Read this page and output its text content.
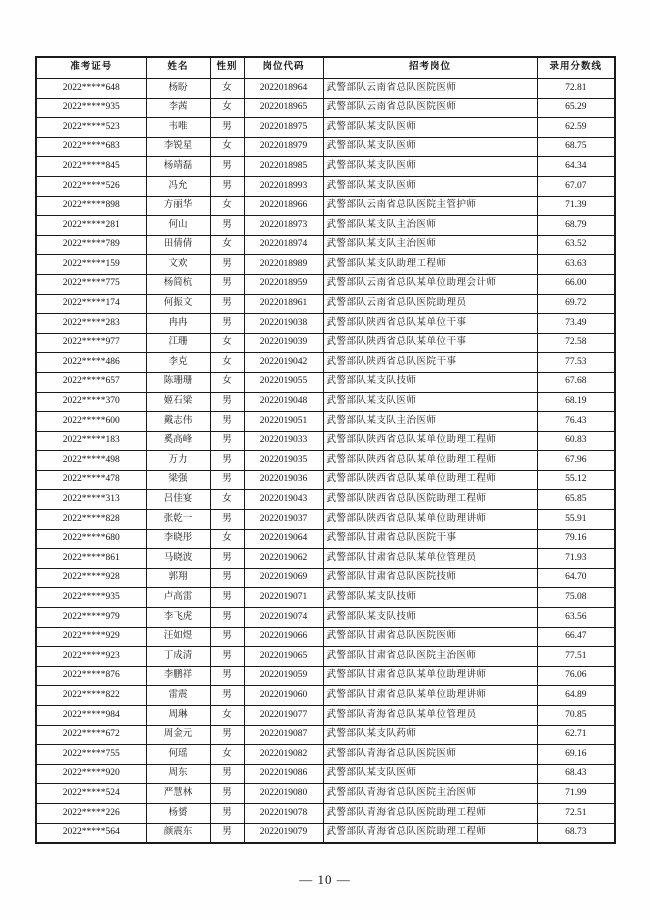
准考证号	姓名	性别	岗位代码	招考岗位	录用分数线
2022*****648	杨盼	女	2022018964	武警部队云南省总队医院医师	72.81
2022*****935	李茜	女	2022018965	武警部队云南省总队医院医师	65.29
2022*****523	韦唯	男	2022018975	武警部队某支队医师	62.59
2022*****683	李锐星	女	2022018979	武警部队某支队医师	68.75
2022*****845	杨靖磊	男	2022018985	武警部队某支队医师	64.34
2022*****526	冯允	男	2022018993	武警部队某支队医师	67.07
2022*****898	方丽华	女	2022018966	武警部队云南省总队医院主管护师	71.39
2022*****281	何山	男	2022018973	武警部队某支队主治医师	68.79
2022*****789	田倩倩	女	2022018974	武警部队某支队主治医师	63.52
2022*****159	文欢	男	2022018989	武警部队某支队助理工程师	63.63
2022*****775	杨简杭	男	2022018959	武警部队云南省总队某单位助理会计师	66.00
2022*****174	何振文	男	2022018961	武警部队云南省总队医院助理员	69.72
2022*****283	冉冉	男	2022019038	武警部队陕西省总队某单位干事	73.49
2022*****977	江珊	女	2022019039	武警部队陕西省总队某单位干事	72.58
2022*****486	李克	女	2022019042	武警部队陕西省总队医院干事	77.53
2022*****657	陈珊珊	女	2022019055	武警部队某支队技师	67.68
2022*****370	姬石梁	男	2022019048	武警部队某支队医师	68.19
2022*****600	戴志伟	男	2022019051	武警部队某支队主治医师	76.43
2022*****183	奚高峰	男	2022019033	武警部队陕西省总队某单位助理工程师	60.83
2022*****498	万力	男	2022019035	武警部队陕西省总队某单位助理工程师	67.96
2022*****478	梁强	男	2022019036	武警部队陕西省总队某单位助理工程师	55.12
2022*****313	吕佳宴	女	2022019043	武警部队陕西省总队医院助理工程师	65.85
2022*****828	张乾一	男	2022019037	武警部队陕西省总队某单位助理讲师	55.91
2022*****680	李晓彤	女	2022019064	武警部队甘肃省总队医院干事	79.16
2022*****861	马晓波	男	2022019062	武警部队甘肃省总队某单位管理员	71.93
2022*****928	郭翔	男	2022019069	武警部队甘肃省总队医院技师	64.70
2022*****935	卢高雷	男	2022019071	武警部队某支队技师	75.08
2022*****979	李飞虎	男	2022019074	武警部队某支队技师	63.56
2022*****929	汪如煜	男	2022019066	武警部队甘肃省总队医院医师	66.47
2022*****923	丁成清	男	2022019065	武警部队甘肃省总队医院主治医师	77.51
2022*****876	李鹏祥	男	2022019059	武警部队甘肃省总队某单位助理讲师	76.06
2022*****822	雷震	男	2022019060	武警部队甘肃省总队某单位助理讲师	64.89
2022*****984	周琳	女	2022019077	武警部队青海省总队某单位管理员	70.85
2022*****672	周金元	男	2022019087	武警部队某支队药师	62.71
2022*****755	何瑶	女	2022019082	武警部队青海省总队医院医师	69.16
2022*****920	周东	男	2022019086	武警部队某支队医师	68.43
2022*****524	严慧林	男	2022019080	武警部队青海省总队医院主治医师	71.99
2022*****226	杨赟	男	2022019078	武警部队青海省总队医院助理工程师	72.51
2022*****564	颜震东	男	2022019079	武警部队青海省总队医院助理工程师	68.73
— 10 —
